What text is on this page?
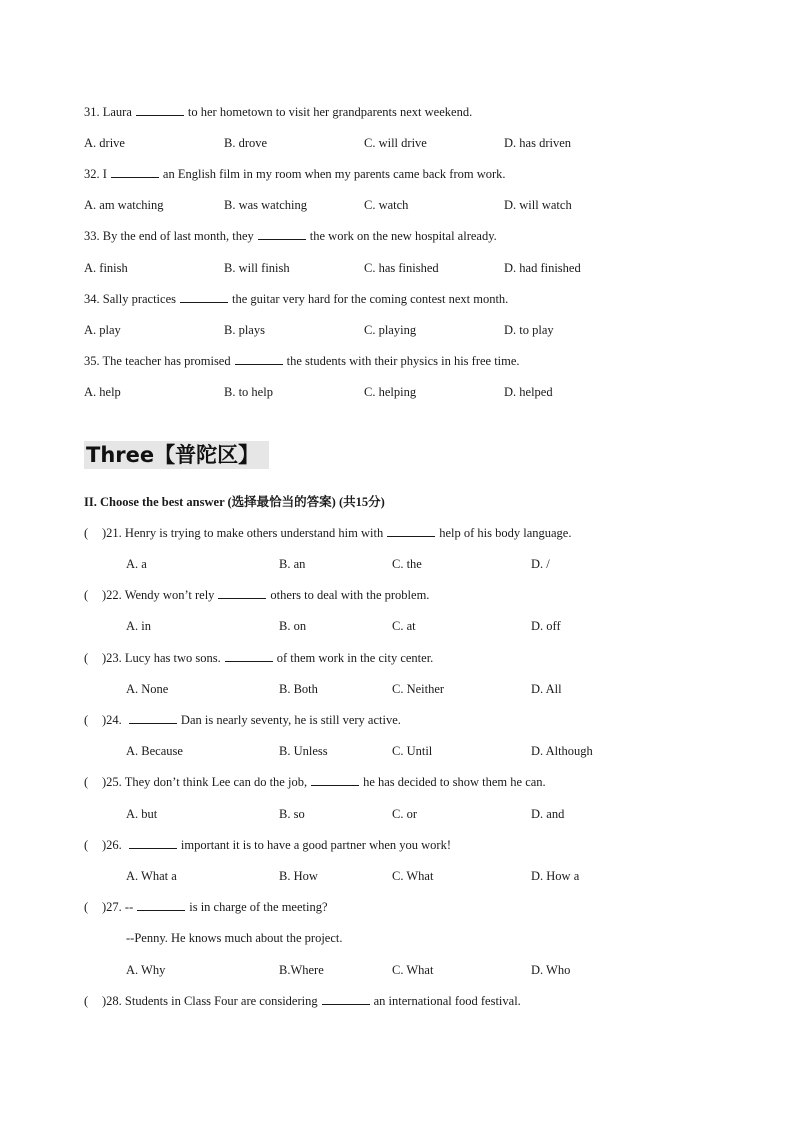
31. Laura	to her hometown to visit her grandparents next weekend.
A. drive	B. drove	C. will drive	D. has driven
32. I	an English film in my room when my parents came back from work.
A. am watching	B. was watching	C. watch	D. will watch
33. By the end of last month, they	the work on the new hospital already.
A. finish	B. will finish	C. has finished	D. had finished
34. Sally practices	the guitar very hard for the coming contest next month.
A. play	B. plays	C. playing	D. to play
35. The teacher has promised	the students with their physics in his free time.
A. help	B. to help	C. helping	D. helped
Three【普陀区】
II. Choose the best answer (选择最恰当的答案) (共15分)
( )21. Henry is trying to make others understand him with	help of his body language.
A. a	B. an	C. the	D. /
( )22. Wendy won’t rely	others to deal with the problem.
A. in	B. on	C. at	D. off
( )23. Lucy has two sons.	of them work in the city center.
A. None	B. Both	C. Neither	D. All
( )24.	Dan is nearly seventy, he is still very active.
A. Because	B. Unless	C. Until	D. Although
( )25. They don’t think Lee can do the job,	he has decided to show them he can.
A. but	B. so	C. or	D. and
( )26.	important it is to have a good partner when you work!
A. What a	B. How	C. What	D. How a
( )27. --	is in charge of the meeting?
--Penny. He knows much about the project.
A. Why	B.Where	C. What	D. Who
( )28. Students in Class Four are considering	an international food festival.
